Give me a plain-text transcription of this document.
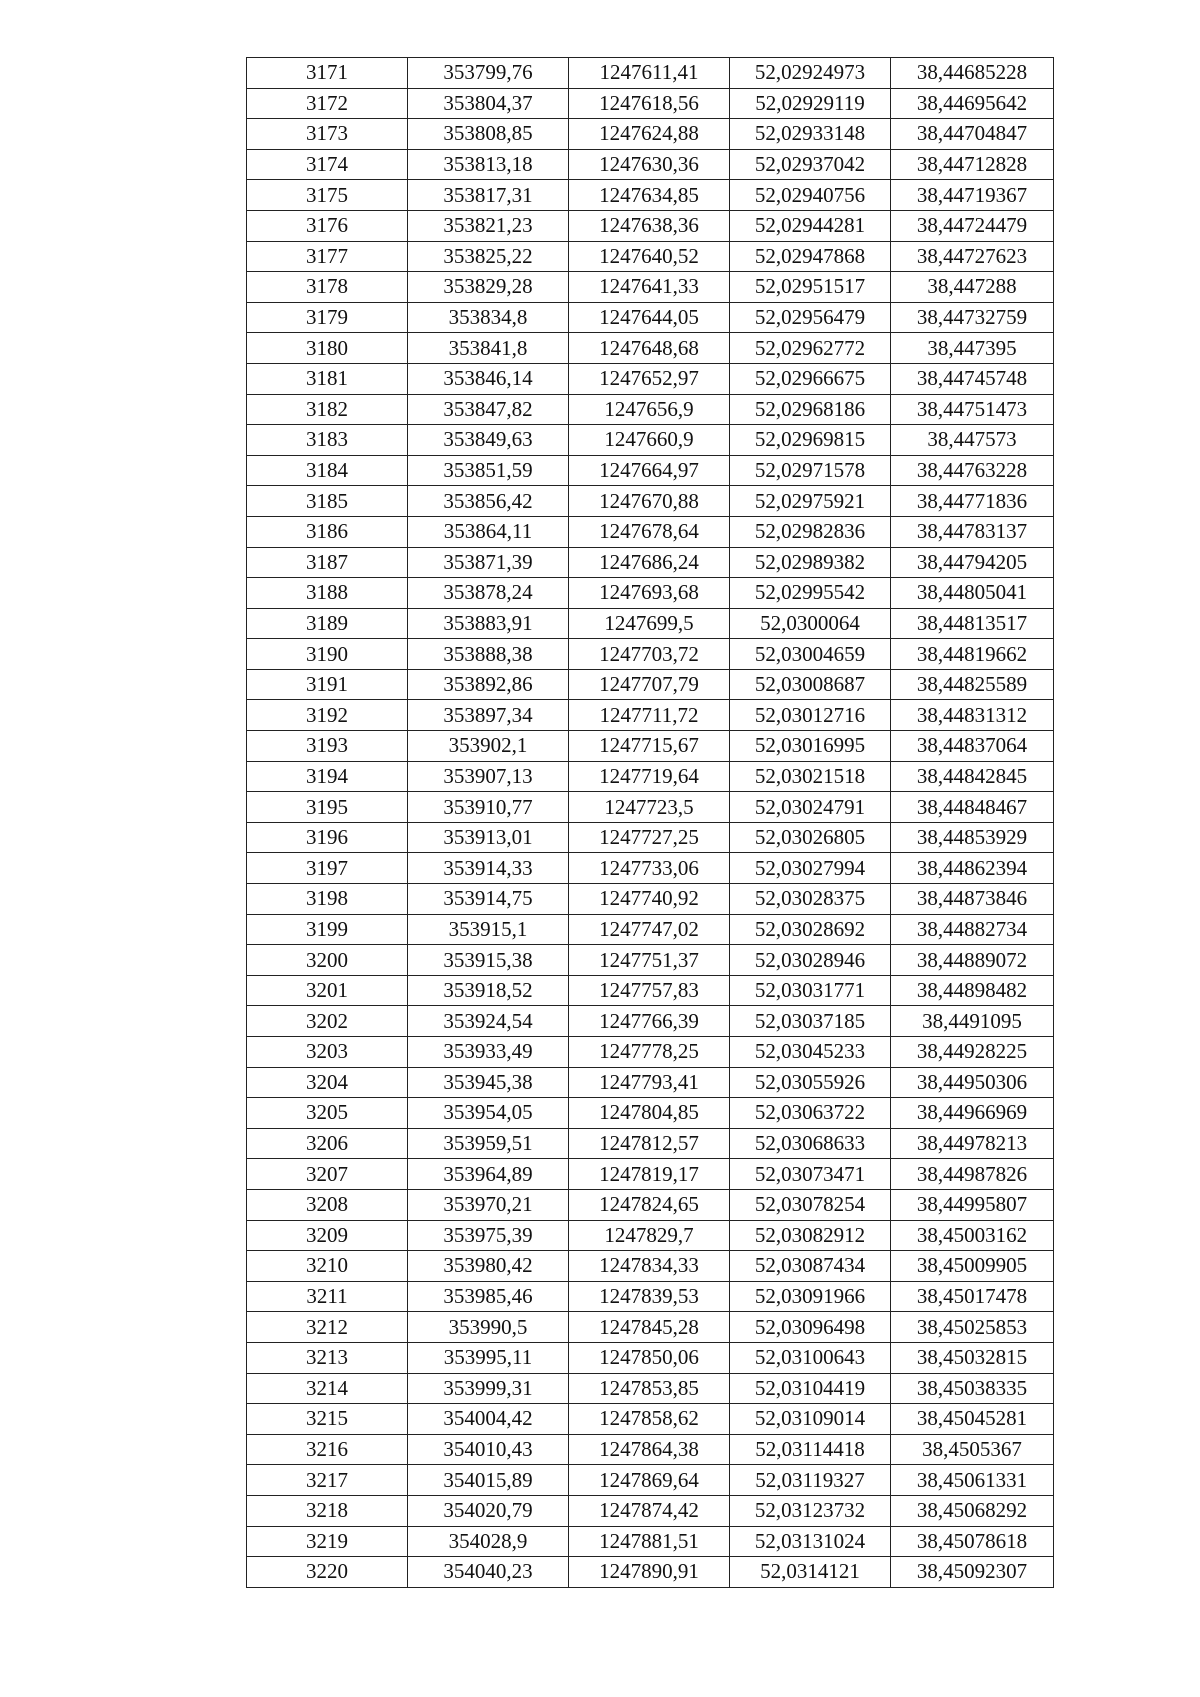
3171	353799,76	1247611,41	52,02924973	38,44685228
3172	353804,37	1247618,56	52,02929119	38,44695642
3173	353808,85	1247624,88	52,02933148	38,44704847
3174	353813,18	1247630,36	52,02937042	38,44712828
3175	353817,31	1247634,85	52,02940756	38,44719367
3176	353821,23	1247638,36	52,02944281	38,44724479
3177	353825,22	1247640,52	52,02947868	38,44727623
3178	353829,28	1247641,33	52,02951517	38,447288
3179	353834,8	1247644,05	52,02956479	38,44732759
3180	353841,8	1247648,68	52,02962772	38,447395
3181	353846,14	1247652,97	52,02966675	38,44745748
3182	353847,82	1247656,9	52,02968186	38,44751473
3183	353849,63	1247660,9	52,02969815	38,447573
3184	353851,59	1247664,97	52,02971578	38,44763228
3185	353856,42	1247670,88	52,02975921	38,44771836
3186	353864,11	1247678,64	52,02982836	38,44783137
3187	353871,39	1247686,24	52,02989382	38,44794205
3188	353878,24	1247693,68	52,02995542	38,44805041
3189	353883,91	1247699,5	52,0300064	38,44813517
3190	353888,38	1247703,72	52,03004659	38,44819662
3191	353892,86	1247707,79	52,03008687	38,44825589
3192	353897,34	1247711,72	52,03012716	38,44831312
3193	353902,1	1247715,67	52,03016995	38,44837064
3194	353907,13	1247719,64	52,03021518	38,44842845
3195	353910,77	1247723,5	52,03024791	38,44848467
3196	353913,01	1247727,25	52,03026805	38,44853929
3197	353914,33	1247733,06	52,03027994	38,44862394
3198	353914,75	1247740,92	52,03028375	38,44873846
3199	353915,1	1247747,02	52,03028692	38,44882734
3200	353915,38	1247751,37	52,03028946	38,44889072
3201	353918,52	1247757,83	52,03031771	38,44898482
3202	353924,54	1247766,39	52,03037185	38,4491095
3203	353933,49	1247778,25	52,03045233	38,44928225
3204	353945,38	1247793,41	52,03055926	38,44950306
3205	353954,05	1247804,85	52,03063722	38,44966969
3206	353959,51	1247812,57	52,03068633	38,44978213
3207	353964,89	1247819,17	52,03073471	38,44987826
3208	353970,21	1247824,65	52,03078254	38,44995807
3209	353975,39	1247829,7	52,03082912	38,45003162
3210	353980,42	1247834,33	52,03087434	38,45009905
3211	353985,46	1247839,53	52,03091966	38,45017478
3212	353990,5	1247845,28	52,03096498	38,45025853
3213	353995,11	1247850,06	52,03100643	38,45032815
3214	353999,31	1247853,85	52,03104419	38,45038335
3215	354004,42	1247858,62	52,03109014	38,45045281
3216	354010,43	1247864,38	52,03114418	38,4505367
3217	354015,89	1247869,64	52,03119327	38,45061331
3218	354020,79	1247874,42	52,03123732	38,45068292
3219	354028,9	1247881,51	52,03131024	38,45078618
3220	354040,23	1247890,91	52,0314121	38,45092307
